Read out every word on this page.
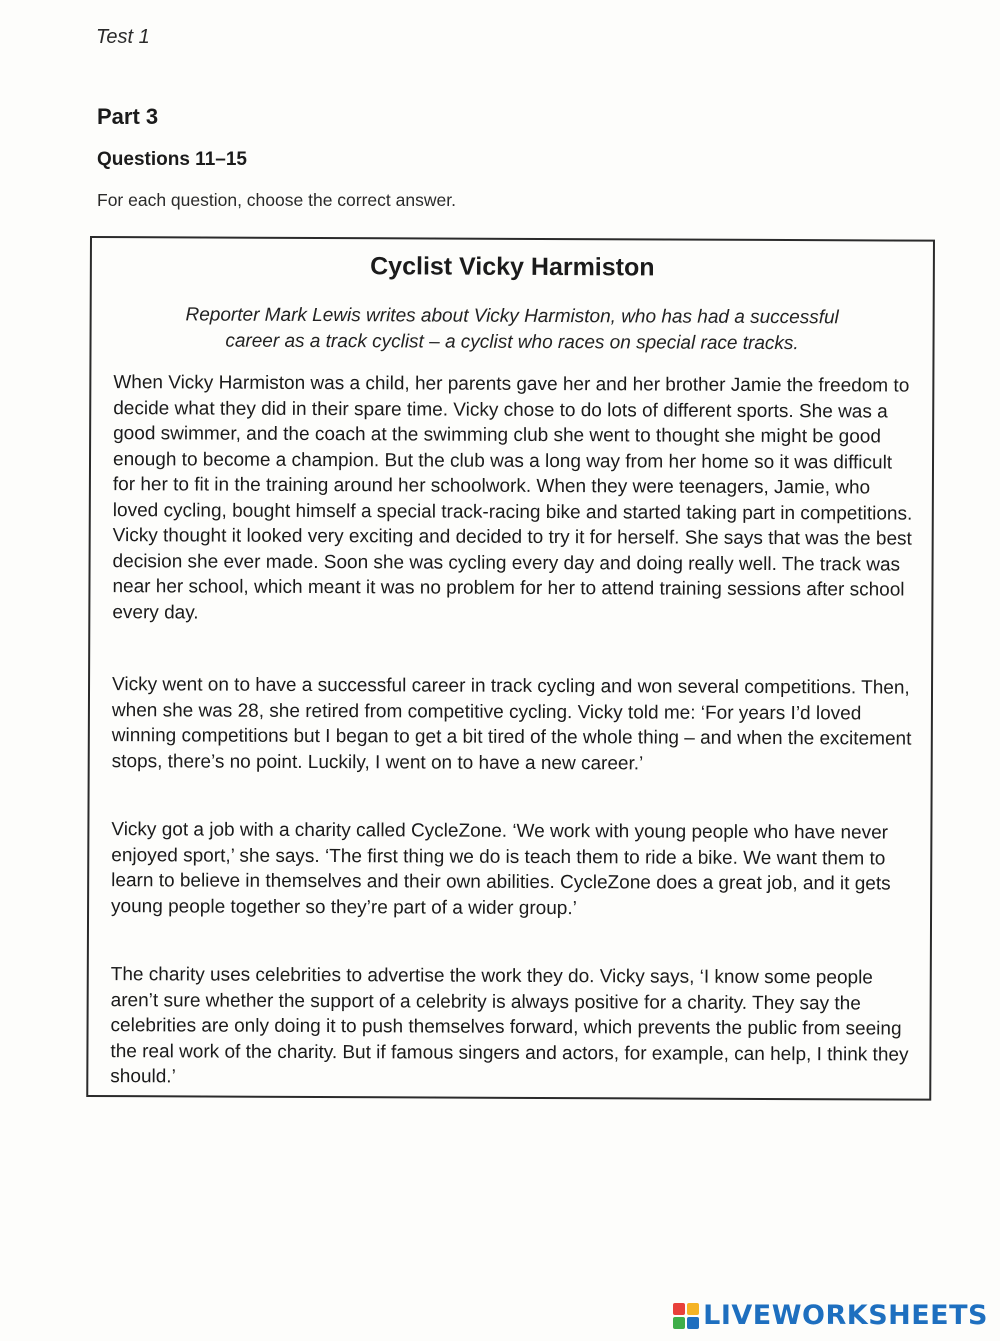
Test 1
Part 3
Questions 11–15
For each question, choose the correct answer.
Cyclist Vicky Harmiston
Reporter Mark Lewis writes about Vicky Harmiston, who has had a successful
career as a track cyclist – a cyclist who races on special race tracks.
When Vicky Harmiston was a child, her parents gave her and her brother Jamie the freedom to decide what they did in their spare time. Vicky chose to do lots of different sports. She was a good swimmer, and the coach at the swimming club she went to thought she might be good enough to become a champion. But the club was a long way from her home so it was difficult for her to fit in the training around her schoolwork. When they were teenagers, Jamie, who loved cycling, bought himself a special track-racing bike and started taking part in competitions. Vicky thought it looked very exciting and decided to try it for herself. She says that was the best decision she ever made. Soon she was cycling every day and doing really well. The track was near her school, which meant it was no problem for her to attend training sessions after school every day.
Vicky went on to have a successful career in track cycling and won several competitions. Then, when she was 28, she retired from competitive cycling. Vicky told me: ‘For years I’d loved winning competitions but I began to get a bit tired of the whole thing – and when the excitement stops, there’s no point. Luckily, I went on to have a new career.’
Vicky got a job with a charity called CycleZone. ‘We work with young people who have never enjoyed sport,’ she says. ‘The first thing we do is teach them to ride a bike. We want them to learn to believe in themselves and their own abilities. CycleZone does a great job, and it gets young people together so they’re part of a wider group.’
The charity uses celebrities to advertise the work they do. Vicky says, ‘I know some people aren’t sure whether the support of a celebrity is always positive for a charity. They say the celebrities are only doing it to push themselves forward, which prevents the public from seeing the real work of the charity. But if famous singers and actors, for example, can help, I think they should.’
LIVEWORKSHEETS
